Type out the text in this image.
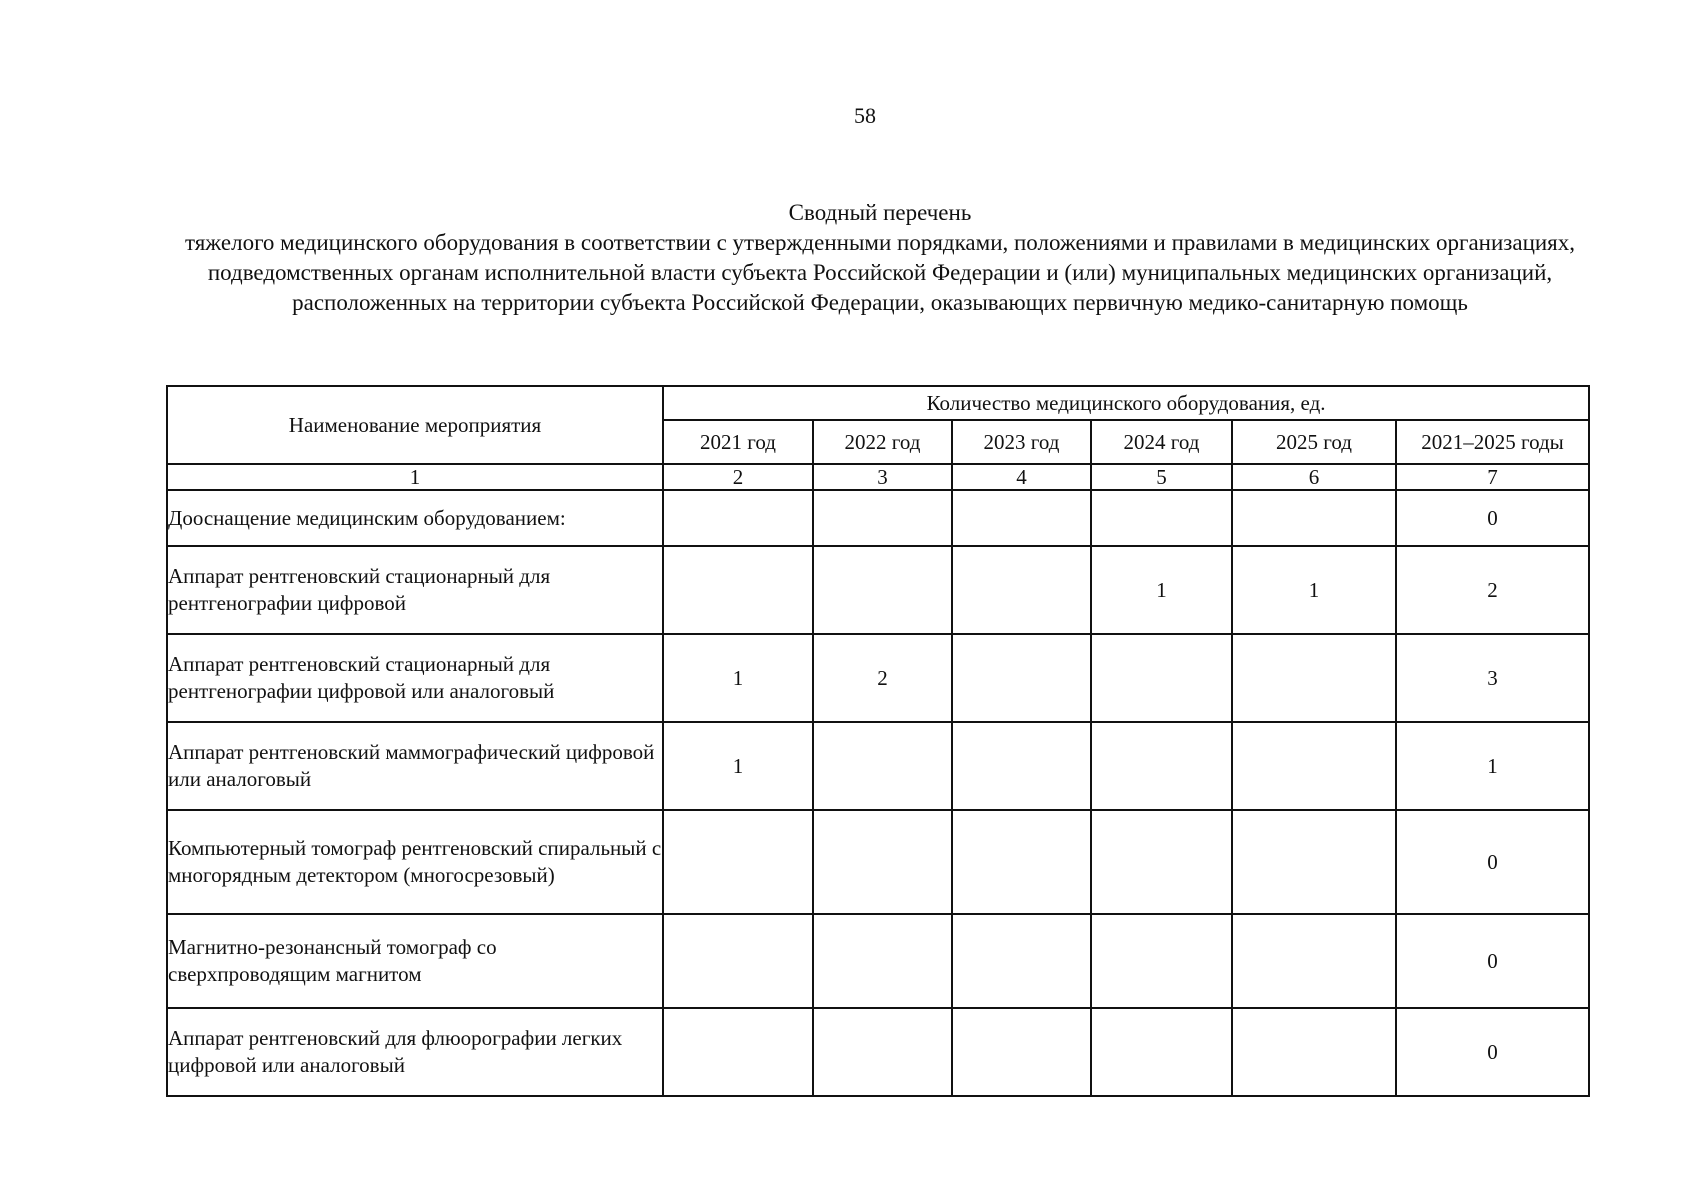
58
Сводный перечень
тяжелого медицинского оборудования в соответствии с утвержденными порядками, положениями и правилами в медицинских организациях, подведомственных органам исполнительной власти субъекта Российской Федерации и (или) муниципальных медицинских организаций, расположенных на территории субъекта Российской Федерации, оказывающих первичную медико-санитарную помощь
Наименование мероприятия	Количество медицинского оборудования, ед.					
	2021 год	2022 год	2023 год	2024 год	2025 год	2021–2025 годы
1	2	3	4	5	6	7
Дооснащение медицинским оборудованием:						0
Аппарат рентгеновский стационарный для рентгенографии цифровой				1	1	2
Аппарат рентгеновский стационарный для рентгенографии цифровой или аналоговый	1	2				3
Аппарат рентгеновский маммографический цифровой или аналоговый	1					1
Компьютерный томограф рентгеновский спиральный с многорядным детектором (многосрезовый)						0
Магнитно-резонансный томограф со сверхпроводящим магнитом						0
Аппарат рентгеновский для флюорографии легких цифровой или аналоговый						0
